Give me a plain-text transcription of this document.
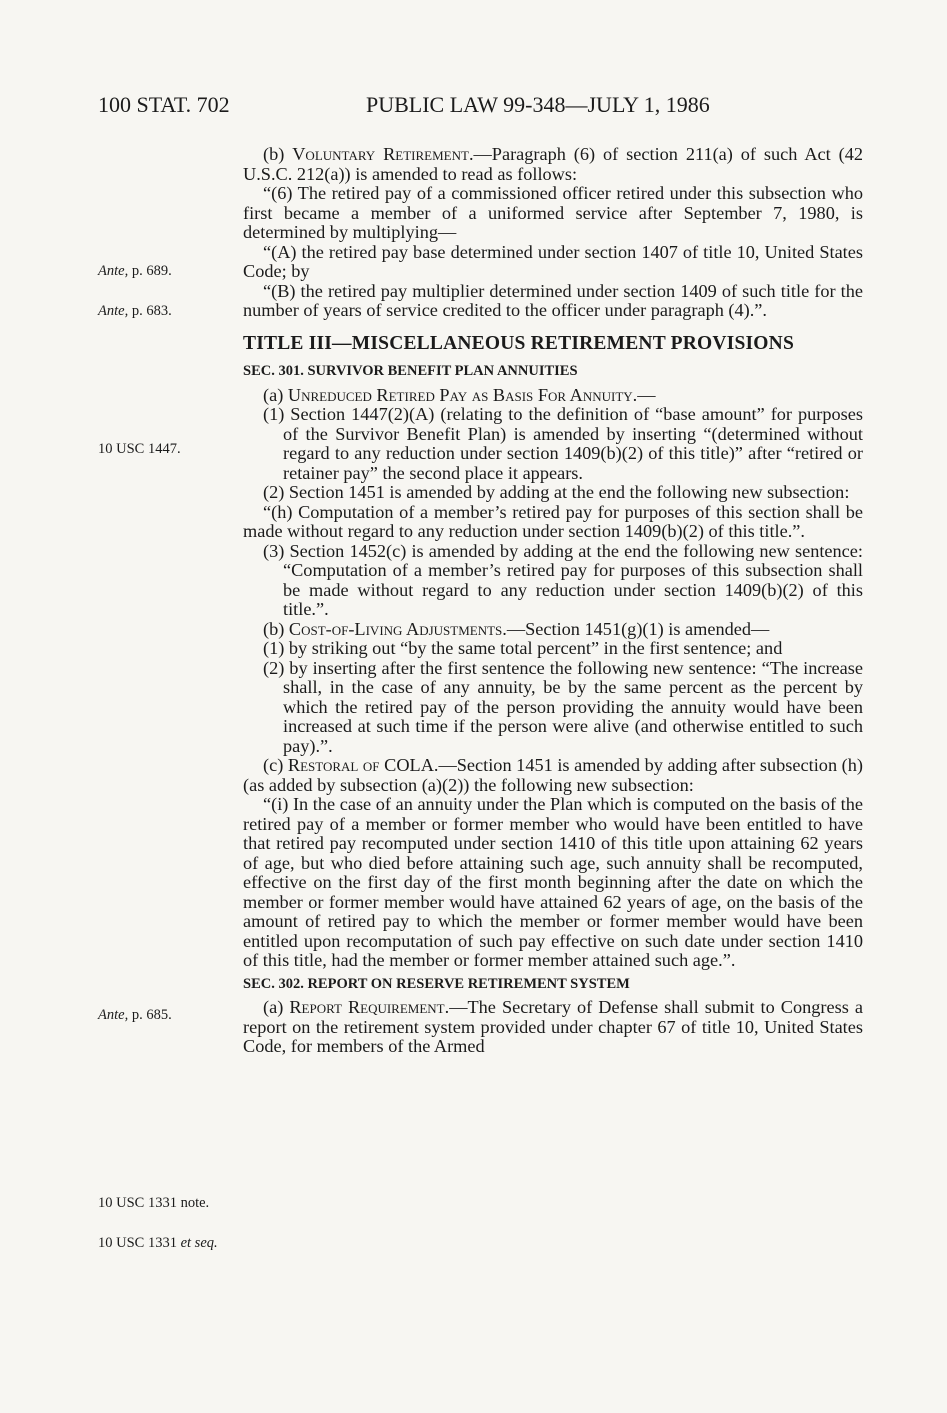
100 STAT. 702	PUBLIC LAW 99-348—JULY 1, 1986
Ante, p. 689.
Ante, p. 683.
10 USC 1447.
Ante, p. 685.
10 USC 1331 note.
10 USC 1331 et seq.

(b) Voluntary Retirement.—Paragraph (6) of section 211(a) of such Act (42 U.S.C. 212(a)) is amended to read as follows:

“(6) The retired pay of a commissioned officer retired under this subsection who first became a member of a uniformed service after September 7, 1980, is determined by multiplying—

“(A) the retired pay base determined under section 1407 of title 10, United States Code; by

“(B) the retired pay multiplier determined under section 1409 of such title for the number of years of service credited to the officer under paragraph (4).”.

TITLE III—MISCELLANEOUS RETIREMENT PROVISIONS

SEC. 301. SURVIVOR BENEFIT PLAN ANNUITIES

(a) Unreduced Retired Pay as Basis For Annuity.—

(1) Section 1447(2)(A) (relating to the definition of “base amount” for purposes of the Survivor Benefit Plan) is amended by inserting “(determined without regard to any reduction under section 1409(b)(2) of this title)” after “retired or retainer pay” the second place it appears.

(2) Section 1451 is amended by adding at the end the following new subsection:

“(h) Computation of a member’s retired pay for purposes of this section shall be made without regard to any reduction under section 1409(b)(2) of this title.”.

(3) Section 1452(c) is amended by adding at the end the following new sentence: “Computation of a member’s retired pay for purposes of this subsection shall be made without regard to any reduction under section 1409(b)(2) of this title.”.

(b) Cost-of-Living Adjustments.—Section 1451(g)(1) is amended—

(1) by striking out “by the same total percent” in the first sentence; and

(2) by inserting after the first sentence the following new sentence: “The increase shall, in the case of any annuity, be by the same percent as the percent by which the retired pay of the person providing the annuity would have been increased at such time if the person were alive (and otherwise entitled to such pay).”.

(c) Restoral of COLA.—Section 1451 is amended by adding after subsection (h) (as added by subsection (a)(2)) the following new subsection:

“(i) In the case of an annuity under the Plan which is computed on the basis of the retired pay of a member or former member who would have been entitled to have that retired pay recomputed under section 1410 of this title upon attaining 62 years of age, but who died before attaining such age, such annuity shall be recomputed, effective on the first day of the first month beginning after the date on which the member or former member would have attained 62 years of age, on the basis of the amount of retired pay to which the member or former member would have been entitled upon recomputation of such pay effective on such date under section 1410 of this title, had the member or former member attained such age.”.

SEC. 302. REPORT ON RESERVE RETIREMENT SYSTEM

(a) Report Requirement.—The Secretary of Defense shall submit to Congress a report on the retirement system provided under chapter 67 of title 10, United States Code, for members of the Armed
